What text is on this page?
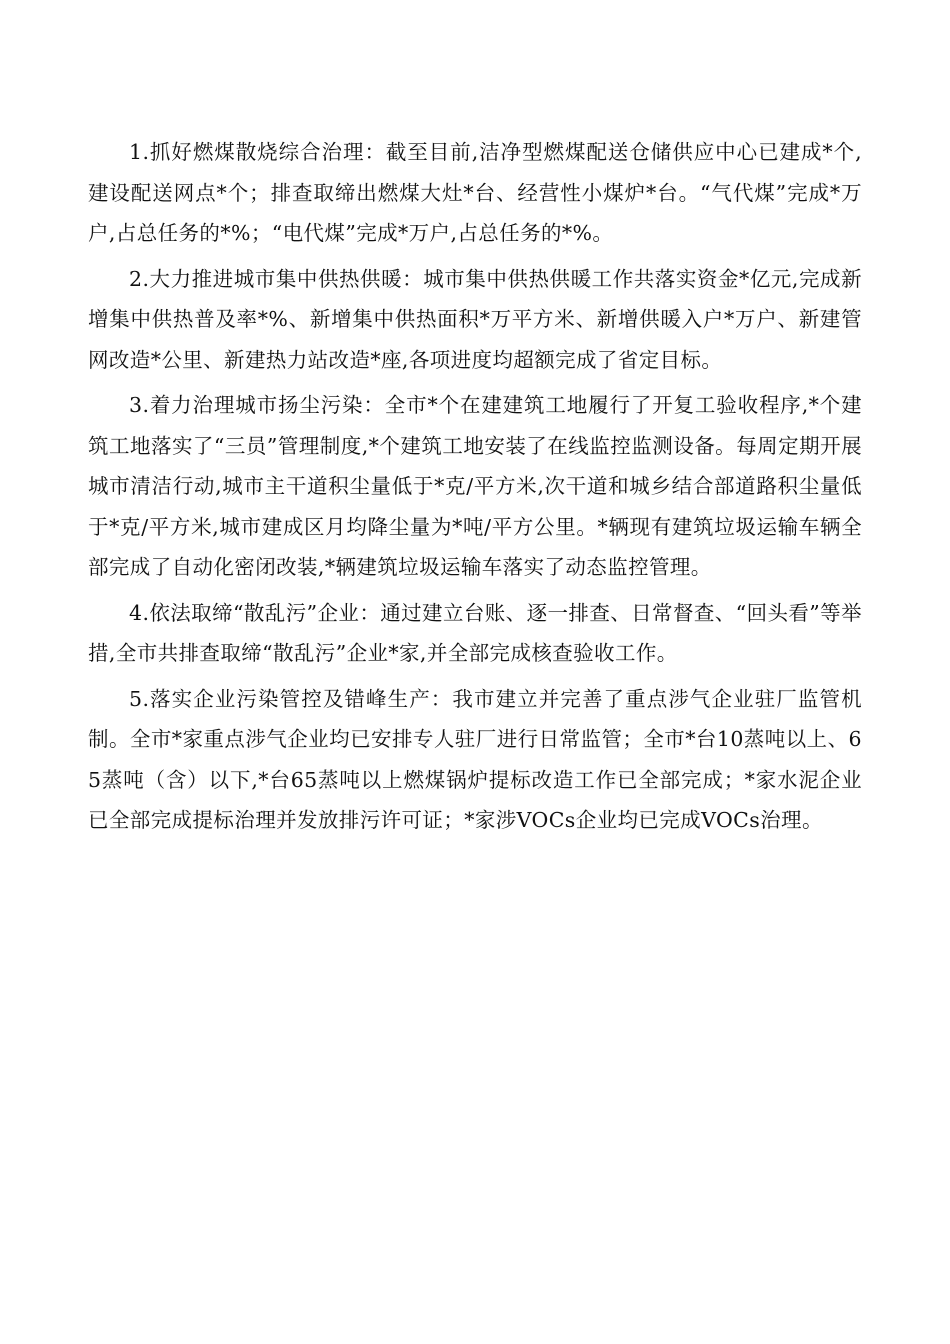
1.抓好燃煤散烧综合治理：截至目前,洁净型燃煤配送仓储供应中心已建成*个,建设配送网点*个；排查取缔出燃煤大灶*台、经营性小煤炉*台。“气代煤”完成*万户,占总任务的*%；“电代煤”完成*万户,占总任务的*%。

2.大力推进城市集中供热供暖：城市集中供热供暖工作共落实资金*亿元,完成新增集中供热普及率*%、新增集中供热面积*万平方米、新增供暖入户*万户、新建管网改造*公里、新建热力站改造*座,各项进度均超额完成了省定目标。

3.着力治理城市扬尘污染：全市*个在建建筑工地履行了开复工验收程序,*个建筑工地落实了“三员”管理制度,*个建筑工地安装了在线监控监测设备。每周定期开展城市清洁行动,城市主干道积尘量低于*克/平方米,次干道和城乡结合部道路积尘量低于*克/平方米,城市建成区月均降尘量为*吨/平方公里。*辆现有建筑垃圾运输车辆全部完成了自动化密闭改装,*辆建筑垃圾运输车落实了动态监控管理。

4.依法取缔“散乱污”企业：通过建立台账、逐一排查、日常督查、“回头看”等举措,全市共排查取缔“散乱污”企业*家,并全部完成核查验收工作。

5.落实企业污染管控及错峰生产：我市建立并完善了重点涉气企业驻厂监管机制。全市*家重点涉气企业均已安排专人驻厂进行日常监管；全市*台10蒸吨以上、65蒸吨（含）以下,*台65蒸吨以上燃煤锅炉提标改造工作已全部完成；*家水泥企业已全部完成提标治理并发放排污许可证；*家涉VOCs企业均已完成VOCs治理。
